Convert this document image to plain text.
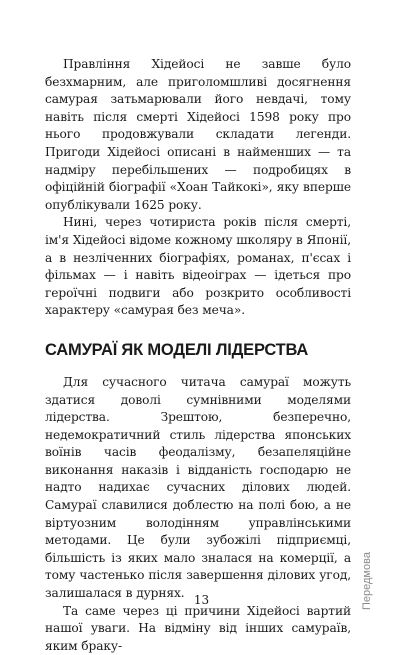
Правління Хідейосі не завше було безхмарним, але приголомшливі досягнення самурая затьмарювали його невдачі, тому навіть після смерті Хідейосі 1598 року про нього продовжували складати легенди. Пригоди Хідейосі описані в найменших — та надміру перебільшених — подробицях в офіційній біографії «Хоан Тайкокі», яку вперше опублікували 1625 року.

Нині, через чотириста років після смерті, ім'я Хідейосі відоме кожному школяру в Японії, а в незліченних біографіях, романах, п'єсах і фільмах — і навіть відеоіграх — ідеться про героїчні подвиги або розкрито особливості характеру «самурая без меча».

САМУРАЇ ЯК МОДЕЛІ ЛІДЕРСТВА

Для сучасного читача самураї можуть здатися доволі сумнівними моделями лідерства. Зрештою, безперечно, недемократичний стиль лідерства японських воїнів часів феодалізму, безапеляційне виконання наказів і відданість господарю не надто надихає сучасних ділових людей. Самураї славилися доблестю на полі бою, а не віртуозним володінням управлінськими методами. Це були зубожілі підприємці, більшість із яких мало зналася на комерції, а тому частенько після завершення ділових угод, залишалася в дурнях.

Та саме через ці причини Хідейосі вартий нашої уваги. На відміну від інших самураїв, яким браку-

Передмова
13
